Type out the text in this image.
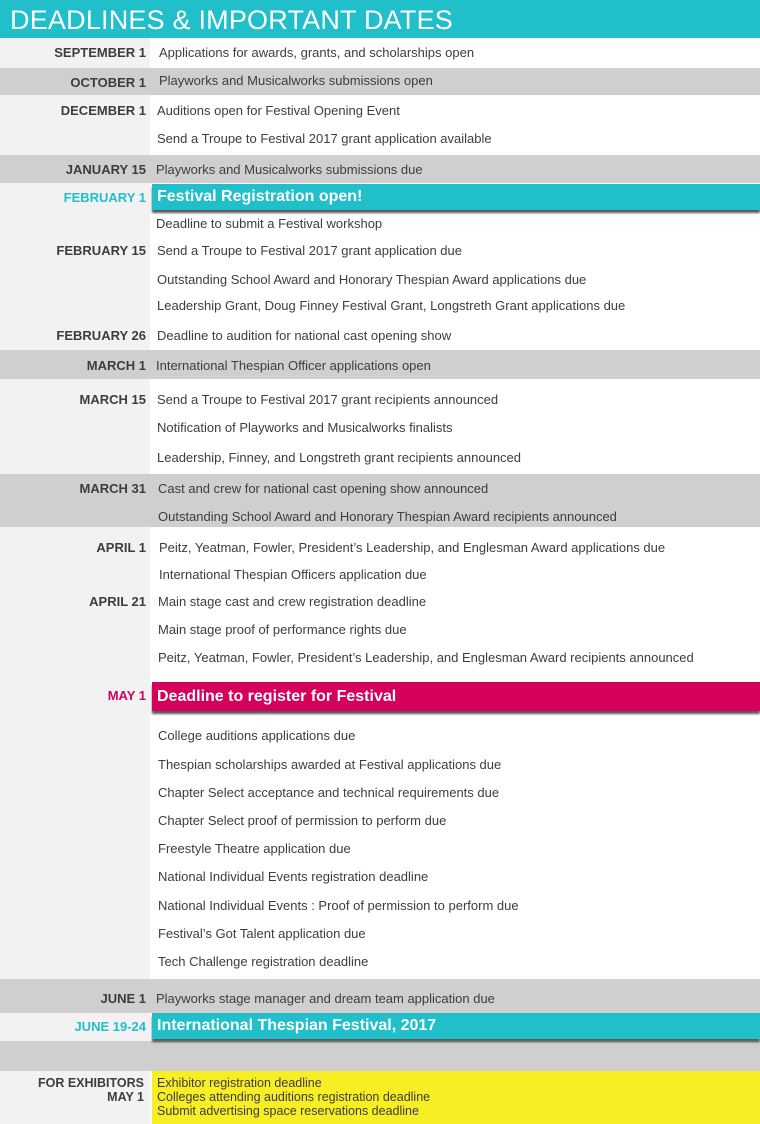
DEADLINES & IMPORTANT DATES
SEPTEMBER 1
OCTOBER 1
DECEMBER 1
JANUARY 15
FEBRUARY 1
FEBRUARY 15
FEBRUARY 26
MARCH 1
MARCH 15
MARCH 31
APRIL 1
APRIL 21
MAY 1
JUNE 1
JUNE 19-24
FOR EXHIBITORS
MAY 1
Applications for awards, grants, and scholarships open
Playworks and Musicalworks submissions open
Auditions open for Festival Opening Event
Send a Troupe to Festival 2017 grant application available
Playworks and Musicalworks submissions due
Festival Registration open!
Deadline to submit a Festival workshop
Send a Troupe to Festival 2017 grant application due
Outstanding School Award and Honorary Thespian Award applications due
Leadership Grant, Doug Finney Festival Grant, Longstreth Grant applications due
Deadline to audition for national cast opening show
International Thespian Officer applications open
Send a Troupe to Festival 2017 grant recipients announced
Notification of Playworks and Musicalworks finalists
Leadership, Finney, and Longstreth grant recipients announced
Cast and crew for national cast opening show announced
Outstanding School Award and Honorary Thespian Award recipients announced
Peitz, Yeatman, Fowler, President’s Leadership, and Englesman Award applications due
International Thespian Officers application due
Main stage cast and crew registration deadline
Main stage proof of performance rights due
Peitz, Yeatman, Fowler, President’s Leadership, and Englesman Award recipients announced
Deadline to register for Festival
College auditions applications due
Thespian scholarships awarded at Festival applications due
Chapter Select acceptance and technical requirements due
Chapter Select proof of permission to perform due
Freestyle Theatre application due
National Individual Events registration deadline
National Individual Events : Proof of permission to perform due
Festival’s Got Talent application due
Tech Challenge registration deadline
Playworks stage manager and dream team application due
International Thespian Festival, 2017
Exhibitor registration deadline
Colleges attending auditions registration deadline
Submit advertising space reservations deadline
